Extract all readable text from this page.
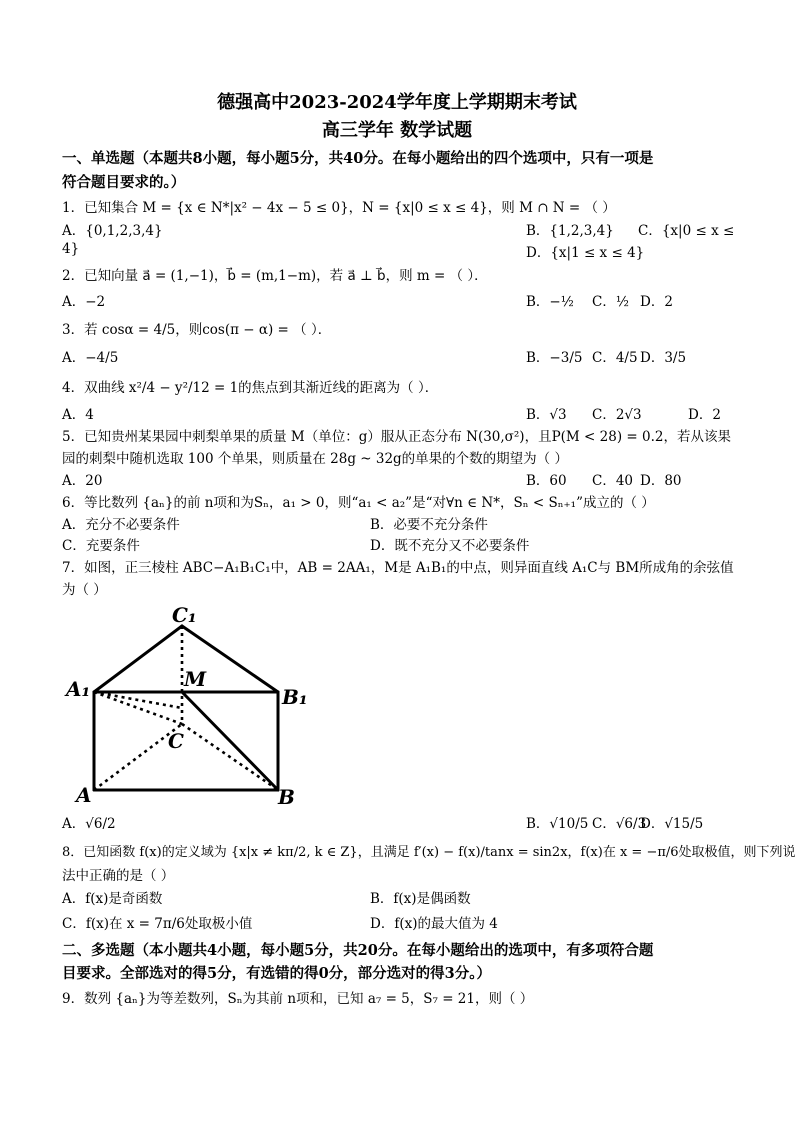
德强高中2023-2024学年度上学期期末考试
高三学年 数学试题
一、单选题（本题共8小题，每小题5分，共40分。在每小题给出的四个选项中，只有一项是
符合题目要求的。）
1．已知集合 M = {x ∈ N*|x² − 4x − 5 ≤ 0}，N = {x|0 ≤ x ≤ 4}，则 M ∩ N = （ ）
A．{0,1,2,3,4}	B．{1,2,3,4} C．{x|0 ≤ x ≤
4}	D．{x|1 ≤ x ≤ 4}
2．已知向量 a⃗ = (1,−1)，b⃗ = (m,1−m)，若 a⃗ ⊥ b⃗，则 m = （ ）．
A．−2	B．−½ C．½ D．2
3．若 cosα = 4/5，则cos(π − α) = （ ）．
A．−4/5	B．−3/5 C．4/5 D．3/5
4．双曲线 x²/4 − y²/12 = 1的焦点到其渐近线的距离为（ ）．
A．4	B．√3 C．2√3	D．2
5．已知贵州某果园中刺梨单果的质量 M（单位：g）服从正态分布 N(30,σ²)，且P(M < 28) = 0.2，若从该果
园的刺梨中随机选取 100 个单果，则质量在 28g ~ 32g的单果的个数的期望为（ ）
A．20	B．60 C．40 D．80
6．等比数列 {aₙ}的前 n项和为Sₙ，a₁ > 0，则“a₁ < a₂”是“对∀n ∈ N*，Sₙ < Sₙ₊₁”成立的（ ）
A．充分不必要条件	B．必要不充分条件
C．充要条件	D．既不充分又不必要条件
7．如图，正三棱柱 ABC−A₁B₁C₁中，AB = 2AA₁，M是 A₁B₁的中点，则异面直线 A₁C与 BM所成角的余弦值
为（ ）
C₁
A₁	M
B₁
C
A	B
A．√6/2	B．√10/5 C．√6/3
D．√15/5
8．已知函数 f(x)的定义域为 {x|x ≠ kπ/2, k ∈ Z}，且满足 f′(x) − f(x)/tanx = sin2x，f(x)在 x = −π/6处取极值，则下列说
法中正确的是（ ）
A．f(x)是奇函数	B．f(x)是偶函数
C．f(x)在 x = 7π/6处取极小值	D．f(x)的最大值为 4
二、多选题（本小题共4小题，每小题5分，共20分。在每小题给出的选项中，有多项符合题
目要求。全部选对的得5分，有选错的得0分，部分选对的得3分。）
9．数列 {aₙ}为等差数列，Sₙ为其前 n项和，已知 a₇ = 5，S₇ = 21，则（ ）
